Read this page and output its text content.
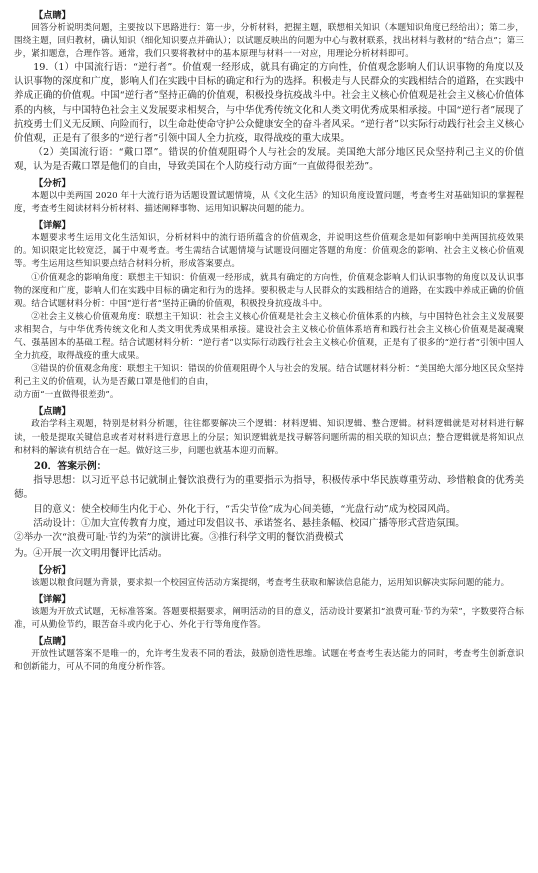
【点睛】

回答分析说明类问题，主要按以下思路进行：第一步，分析材料，把握主题，联想相关知识（本题知识角度已经给出）；第二步，围绕主题，回归教材，确认知识（细化知识要点并确认）；以试题反映出的问题为中心与教材联系，找出材料与教材的“结合点”；第三步，紧扣题意，合理作答。通常，我们只要将教材中的基本原理与材料一一对应，用理论分析材料即可。

19.（1）中国流行语：“逆行者”。价值观一经形成，就具有确定的方向性，价值观念影响人们认识事物的角度以及认识事物的深度和广度，影响人们在实践中目标的确定和行为的选择。积极走与人民群众的实践相结合的道路，在实践中养成正确的价值观。中国“逆行者”坚持正确的价值观，积极投身抗疫战斗中。社会主义核心价值观是社会主义核心价值体系的内核，与中国特色社会主义发展要求相契合，与中华优秀传统文化和人类文明优秀成果相承接。中国“逆行者”展现了抗疫勇士们义无反顾、向险而行，以生命赴使命守护公众健康安全的奋斗者风采。“逆行者”以实际行动践行社会主义核心价值观，正是有了很多的“逆行者”引领中国人全力抗疫，取得战疫的重大成果。

（2）美国流行语：“戴口罩”。错误的价值观阻碍个人与社会的发展。美国绝大部分地区民众坚持利己主义的价值观，认为是否戴口罩是他们的自由，导致美国在个人防疫行动方面“一直做得很差劲”。

【分析】

本题以中美两国 2020 年十大流行语为话题设置试题情境，从《文化生活》的知识角度设置问题，考查考生对基础知识的掌握程度，考查考生阅读材料分析材料、描述阐释事物、运用知识解决问题的能力。

【详解】

本题要求考生运用文化生活知识，分析材料中的流行语所蕴含的价值观念，并说明这些价值观念是如何影响中美两国抗疫效果的。知识限定比较宽泛，属于中观考查。考生需结合试题情境与试题设问圈定答题的角度：价值观念的影响、社会主义核心价值观等。考生运用这些知识要点结合材料分析，形成答案要点。

①价值观念的影响角度：联想主干知识：价值观一经形成，就具有确定的方向性，价值观念影响人们认识事物的角度以及认识事物的深度和广度，影响人们在实践中目标的确定和行为的选择。要积极走与人民群众的实践相结合的道路，在实践中养成正确的价值观。结合试题材料分析：中国“逆行者”坚持正确的价值观，积极投身抗疫战斗中。

②社会主义核心价值观角度：联想主干知识：社会主义核心价值观是社会主义核心价值体系的内核，与中国特色社会主义发展要求相契合，与中华优秀传统文化和人类文明优秀成果相承接。建设社会主义核心价值体系培育和践行社会主义核心价值观是凝魂聚气、强基固本的基础工程。结合试题材料分析：“逆行者”以实际行动践行社会主义核心价值观，正是有了很多的“逆行者”引领中国人全力抗疫，取得战疫的重大成果。

③错误的价值观念角度：联想主干知识：错误的价值观阻碍个人与社会的发展。结合试题材料分析：“美国绝大部分地区民众坚持利己主义的价值观，认为是否戴口罩是他们的自由，

动方面“一直做得很差劲”。

【点睛】

政治学科主观题，特别是材料分析题，往往都要解决三个逻辑：材料逻辑、知识逻辑、整合逻辑。材料逻辑就是对材料进行解读，一般是提取关键信息或者对材料进行意思上的分层；知识逻辑就是找寻解答问题所需的相关联的知识点；整合逻辑就是将知识点和材料的解读有机结合在一起。做好这三步，问题也就基本迎刃而解。

20．答案示例：

指导思想：以习近平总书记就制止餐饮浪费行为的重要指示为指导，积极传承中华民族尊重劳动、珍惜粮食的优秀美德。

目的意义：使全校师生内化于心、外化于行，“舌尖节俭”成为心间美德，“光盘行动”成为校园风尚。

活动设计：①加大宣传教育力度，通过印发倡议书、承诺签名、悬挂条幅、校园广播等形式营造氛围。

②举办一次“浪费可耻·节约为荣”的演讲比赛。③推行科学文明的餐饮消费模式

为。④开展一次文明用餐评比活动。

【分析】

该题以粮食问题为背景，要求拟一个校园宣传活动方案提纲，考查考生获取和解读信息能力，运用知识解决实际问题的能力。

【详解】

该题为开放式试题，无标准答案。答题要根据要求，阐明活动的目的意义，活动设计要紧扣“浪费可耻·节约为荣”，字数要符合标准，可从勤俭节约，眼苦奋斗或内化于心、外化于行等角度作答。

【点睛】

开放性试题答案不是唯一的，允许考生发表不同的看法，鼓励创造性思维。试题在考查考生表达能力的同时，考查考生创新意识和创新能力，可从不同的角度分析作答。
